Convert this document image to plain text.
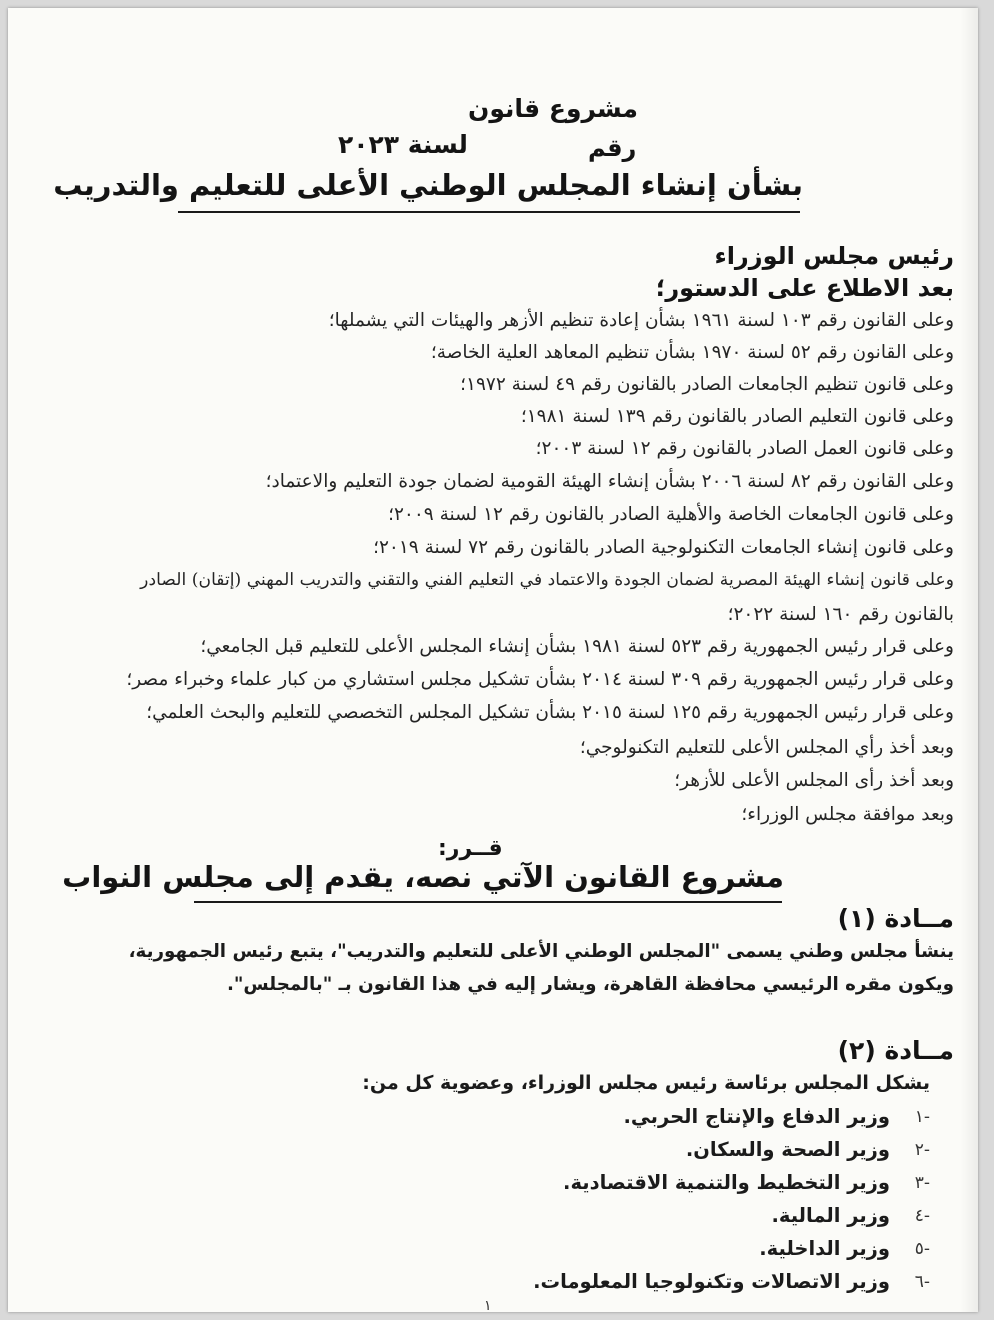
مشروع قانون
رقم
لسنة ٢٠٢٣
بشأن إنشاء المجلس الوطني الأعلى للتعليم والتدريب
رئيس مجلس الوزراء
بعد الاطلاع على الدستور؛
وعلى القانون رقم ١٠٣ لسنة ١٩٦١ بشأن إعادة تنظيم الأزهر والهيئات التي يشملها؛
وعلى القانون رقم ٥٢ لسنة ١٩٧٠ بشأن تنظيم المعاهد العلية الخاصة؛
وعلى قانون تنظيم الجامعات الصادر بالقانون رقم ٤٩ لسنة ١٩٧٢؛
وعلى قانون التعليم الصادر بالقانون رقم ١٣٩ لسنة ١٩٨١؛
وعلى قانون العمل الصادر بالقانون رقم ١٢ لسنة ٢٠٠٣؛
وعلى القانون رقم ٨٢ لسنة ٢٠٠٦ بشأن إنشاء الهيئة القومية لضمان جودة التعليم والاعتماد؛
وعلى قانون الجامعات الخاصة والأهلية الصادر بالقانون رقم ١٢ لسنة ٢٠٠٩؛
وعلى قانون إنشاء الجامعات التكنولوجية الصادر بالقانون رقم ٧٢ لسنة ٢٠١٩؛
وعلى قانون إنشاء الهيئة المصرية لضمان الجودة والاعتماد في التعليم الفني والتقني والتدريب المهني (إتقان) الصادر
بالقانون رقم ١٦٠ لسنة ٢٠٢٢؛
وعلى قرار رئيس الجمهورية رقم ٥٢٣ لسنة ١٩٨١ بشأن إنشاء المجلس الأعلى للتعليم قبل الجامعي؛
وعلى قرار رئيس الجمهورية رقم ٣٠٩ لسنة ٢٠١٤ بشأن تشكيل مجلس استشاري من كبار علماء وخبراء مصر؛
وعلى قرار رئيس الجمهورية رقم ١٢٥ لسنة ٢٠١٥ بشأن تشكيل المجلس التخصصي للتعليم والبحث العلمي؛
وبعد أخذ رأي المجلس الأعلى للتعليم التكنولوجي؛
وبعد أخذ رأى المجلس الأعلى للأزهر؛
وبعد موافقة مجلس الوزراء؛
قــرر:
مشروع القانون الآتي نصه، يقدم إلى مجلس النواب
مــادة (١)
ينشأ مجلس وطني يسمى "المجلس الوطني الأعلى للتعليم والتدريب"، يتبع رئيس الجمهورية،
ويكون مقره الرئيسي محافظة القاهرة، ويشار إليه في هذا القانون بـ "بالمجلس".
مــادة (٢)
يشكل المجلس برئاسة رئيس مجلس الوزراء، وعضوية كل من:
-١
وزير الدفاع والإنتاج الحربي.
-٢
وزير الصحة والسكان.
-٣
وزير التخطيط والتنمية الاقتصادية.
-٤
وزير المالية.
-٥
وزير الداخلية.
-٦
وزير الاتصالات وتكنولوجيا المعلومات.
١
